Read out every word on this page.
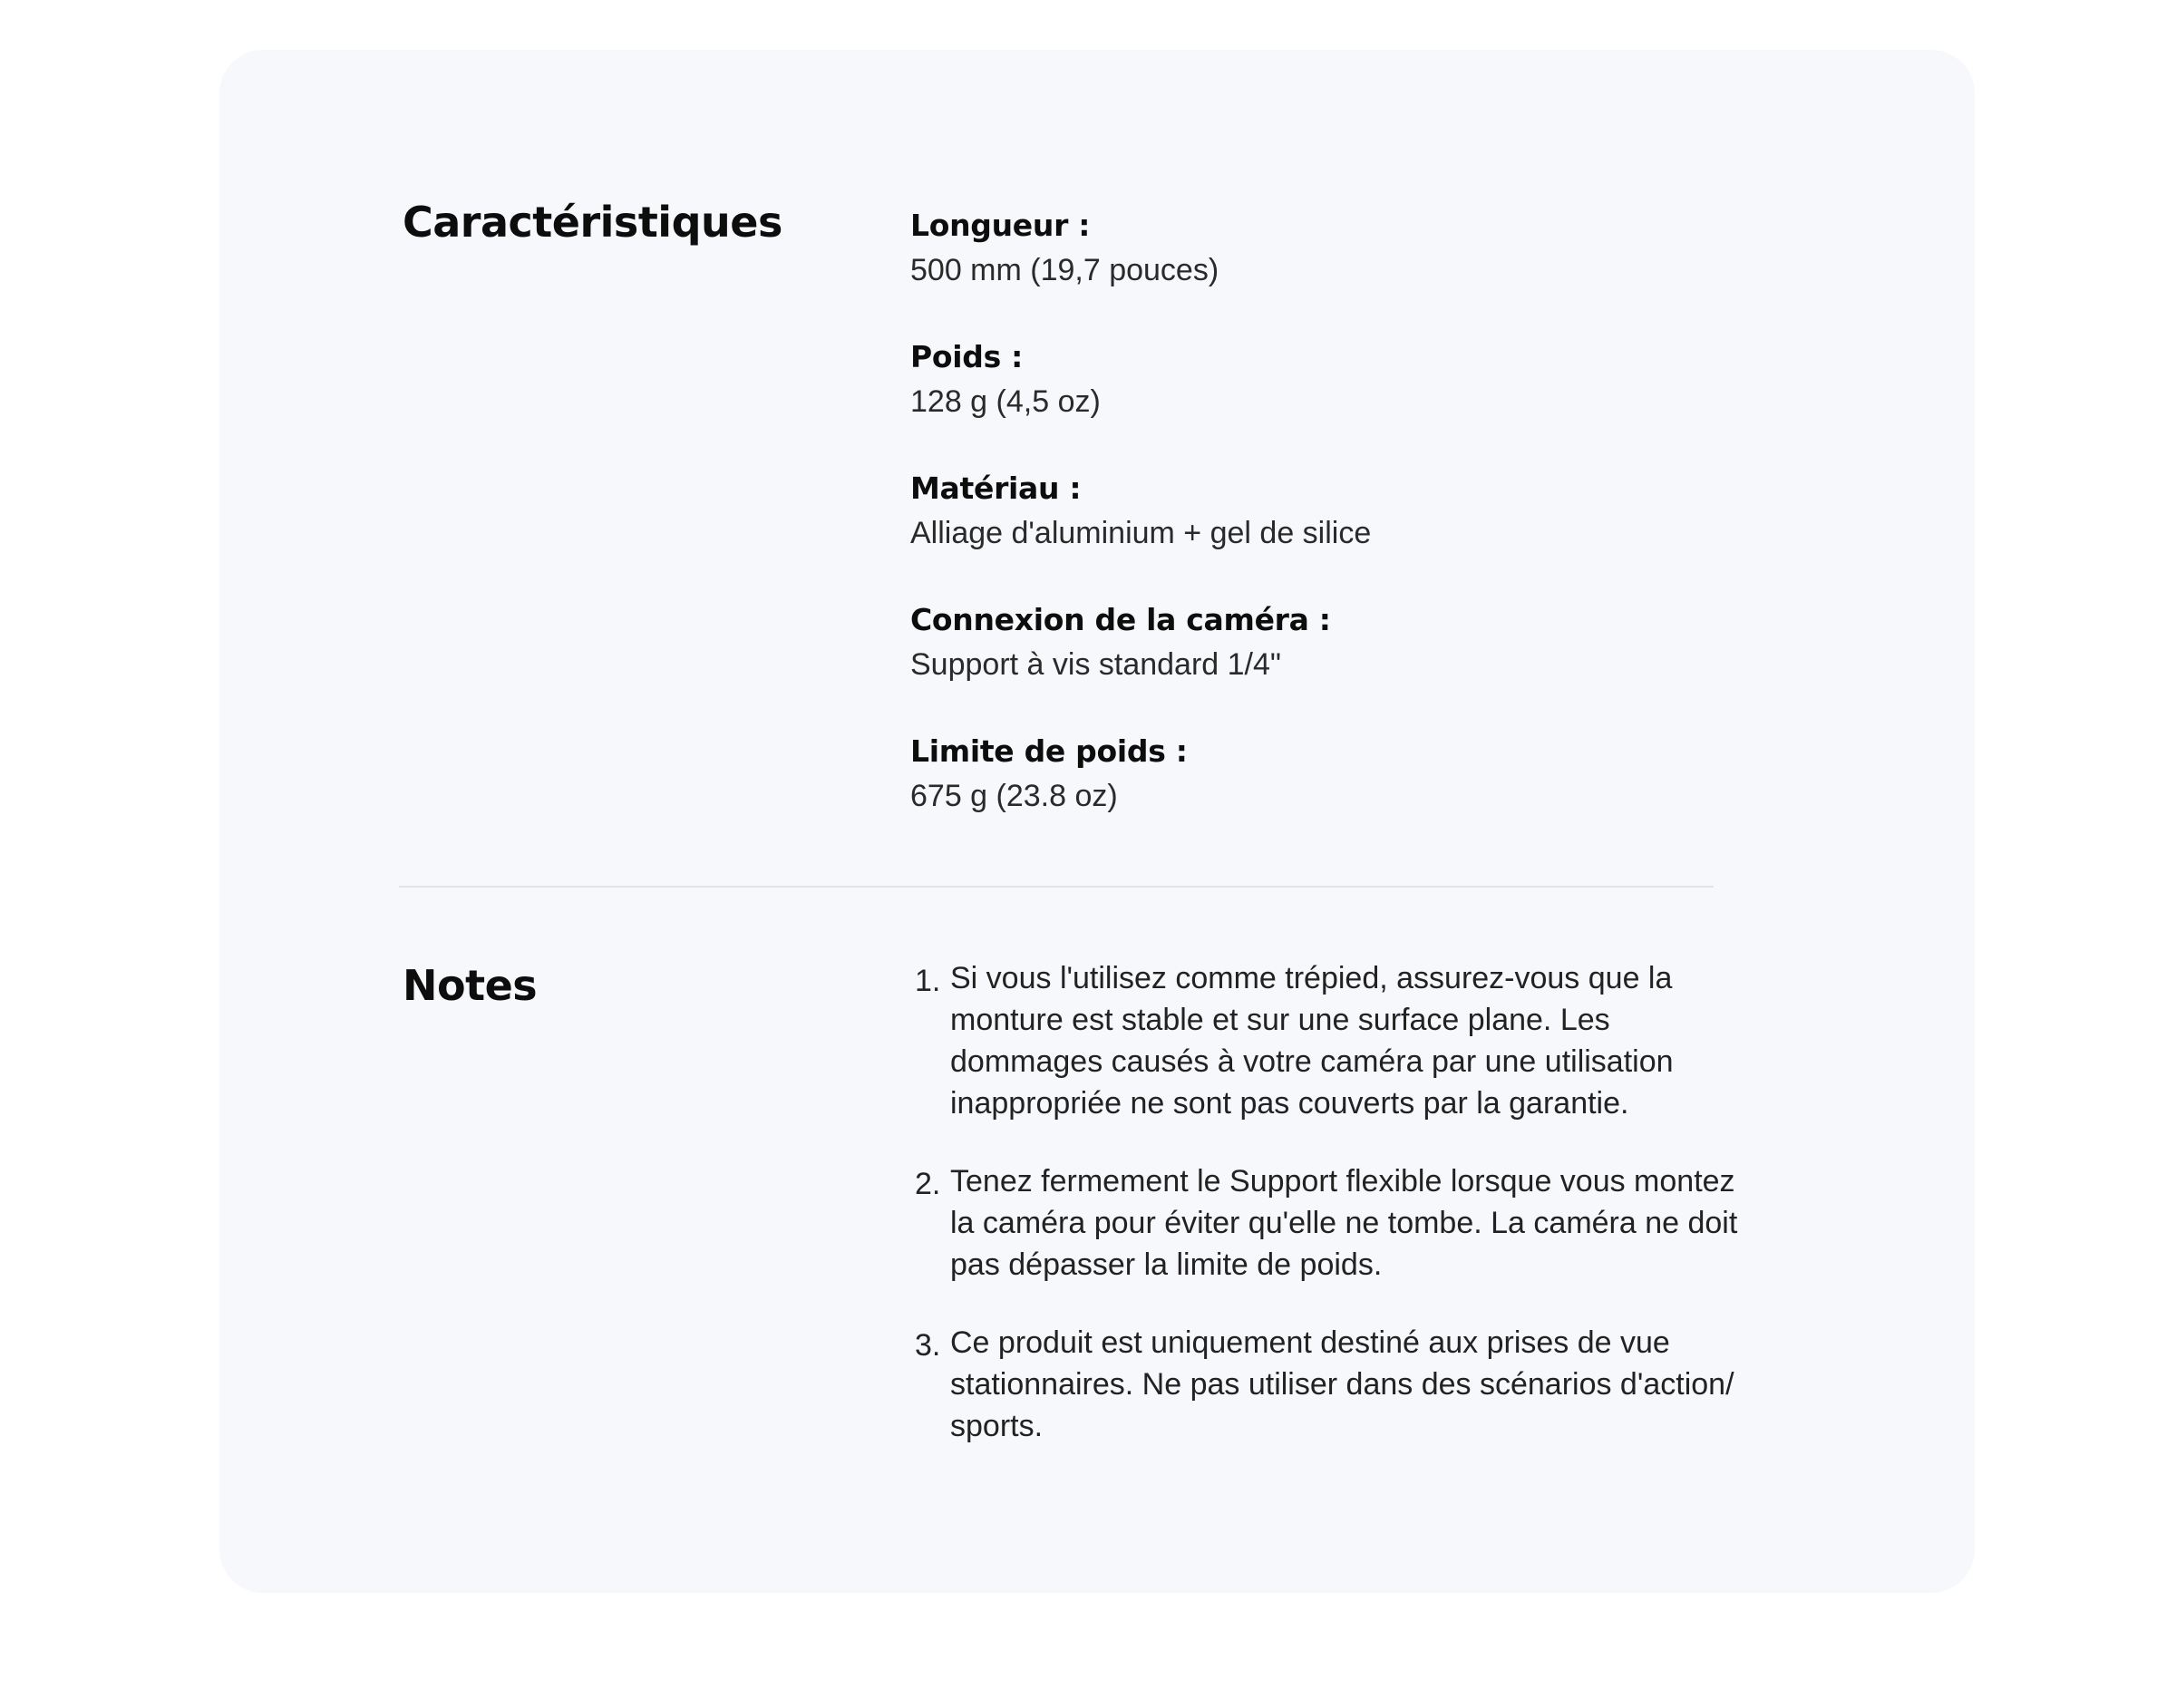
Caractéristiques	Longueur :
500 mm (19,7 pouces)
Poids :
128 g (4,5 oz)
Matériau :
Alliage d'aluminium + gel de silice
Connexion de la caméra :
Support à vis standard 1/4"
Limite de poids :
675 g (23.8 oz)
Notes	1. Si vous l'utilisez comme trépied, assurez-vous que la monture est stable et sur une surface plane. Les dommages causés à votre caméra par une utilisation inappropriée ne sont pas couverts par la garantie.
2. Tenez fermement le Support flexible lorsque vous montez la caméra pour éviter qu'elle ne tombe. La caméra ne doit pas dépasser la limite de poids.
3. Ce produit est uniquement destiné aux prises de vue stationnaires. Ne pas utiliser dans des scénarios d'action/ sports.
